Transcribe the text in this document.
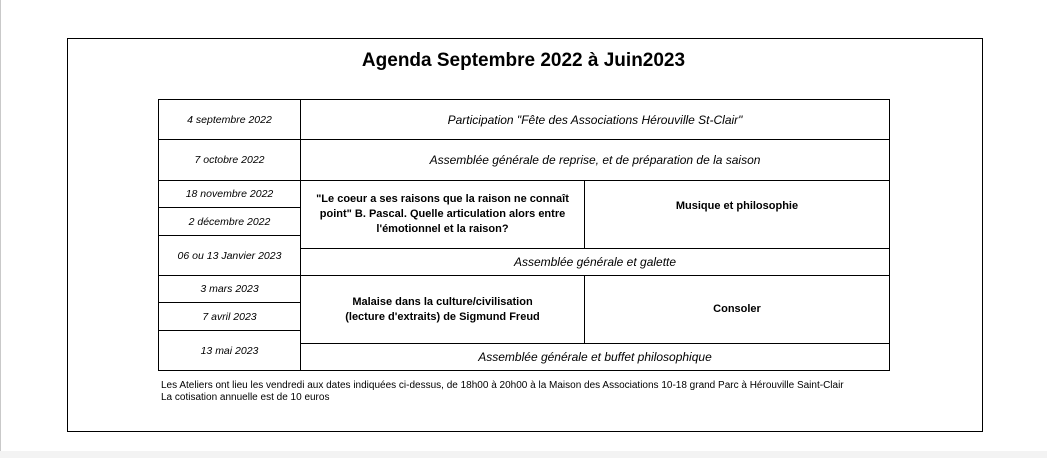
Agenda Septembre 2022 à Juin2023
4 septembre 2022
7 octobre 2022
18 novembre 2022
2 décembre 2022
06 ou 13 Janvier 2023
3 mars 2023
7 avril 2023
13 mai 2023
Participation "Fête des Associations Hérouville St-Clair"
Assemblée générale de reprise, et de préparation de la saison
Assemblée générale et galette
Assemblée générale et buffet philosophique
"Le coeur a ses raisons que la raison ne connaît point" B. Pascal. Quelle articulation alors entre l'émotionnel et la raison?
Musique et philosophie
Malaise dans la culture/civilisation
(lecture d'extraits) de Sigmund Freud
Consoler
Les Ateliers ont lieu les vendredi aux dates indiquées ci-dessus, de 18h00 à 20h00 à la Maison des Associations 10-18 grand Parc à Hérouville Saint-Clair
La cotisation annuelle est de 10 euros
